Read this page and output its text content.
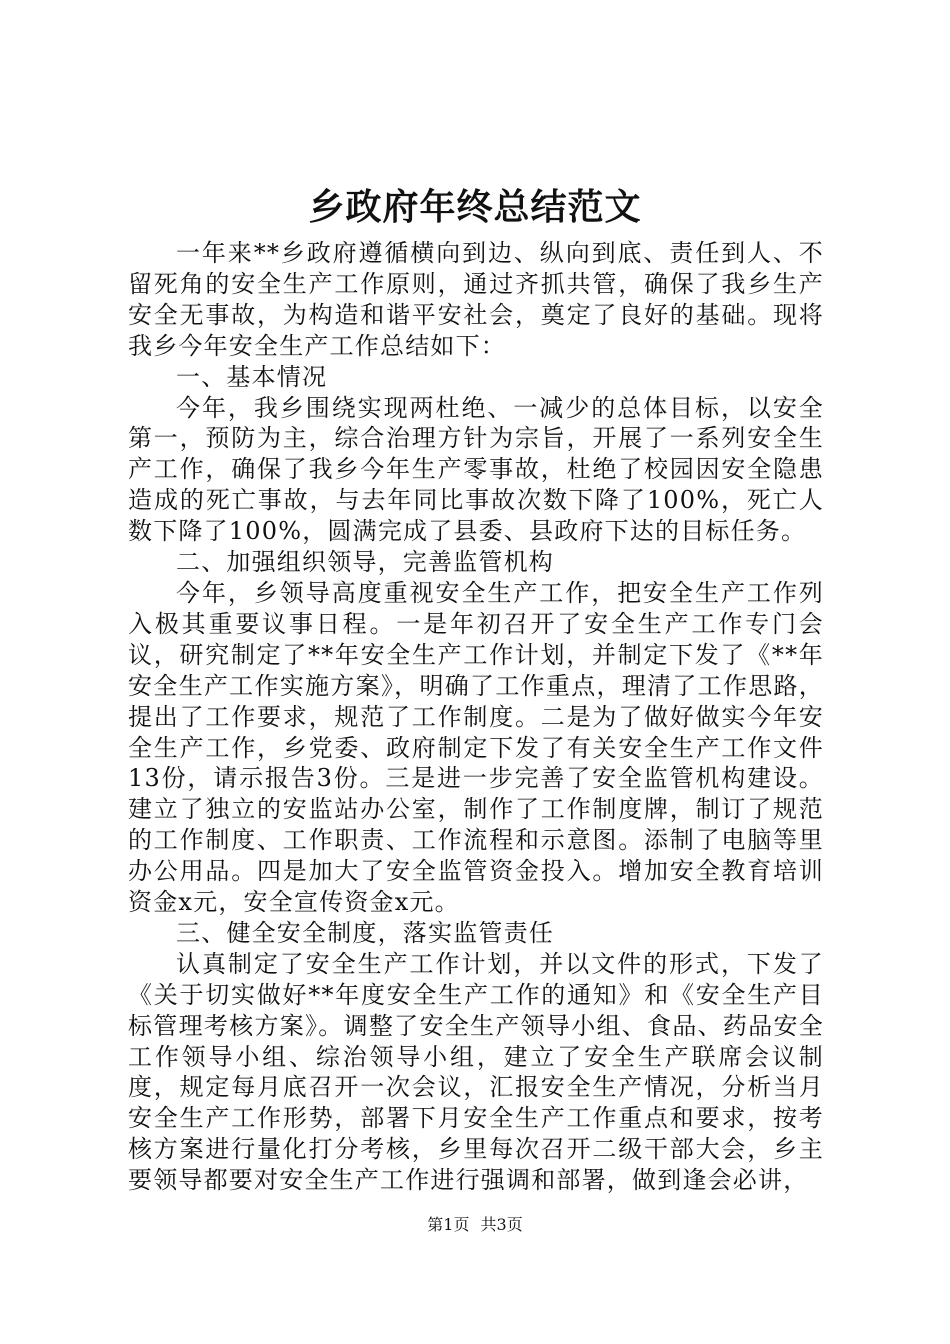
乡政府年终总结范文

一年来**乡政府遵循横向到边、纵向到底、责任到人、不留死角的安全生产工作原则，通过齐抓共管，确保了我乡生产安全无事故，为构造和谐平安社会，奠定了良好的基础。现将我乡今年安全生产工作总结如下：

一、基本情况

今年，我乡围绕实现两杜绝、一减少的总体目标，以安全第一，预防为主，综合治理方针为宗旨，开展了一系列安全生产工作，确保了我乡今年生产零事故，杜绝了校园因安全隐患造成的死亡事故，与去年同比事故次数下降了100%，死亡人数下降了100%，圆满完成了县委、县政府下达的目标任务。

二、加强组织领导，完善监管机构

今年，乡领导高度重视安全生产工作，把安全生产工作列入极其重要议事日程。一是年初召开了安全生产工作专门会议，研究制定了**年安全生产工作计划，并制定下发了《**年安全生产工作实施方案》，明确了工作重点，理清了工作思路，提出了工作要求，规范了工作制度。二是为了做好做实今年安全生产工作，乡党委、政府制定下发了有关安全生产工作文件13份，请示报告3份。三是进一步完善了安全监管机构建设。建立了独立的安监站办公室，制作了工作制度牌，制订了规范的工作制度、工作职责、工作流程和示意图。添制了电脑等里办公用品。四是加大了安全监管资金投入。增加安全教育培训资金x元，安全宣传资金x元。

三、健全安全制度，落实监管责任

认真制定了安全生产工作计划，并以文件的形式，下发了《关于切实做好**年度安全生产工作的通知》和《安全生产目标管理考核方案》。调整了安全生产领导小组、食品、药品安全工作领导小组、综治领导小组，建立了安全生产联席会议制度，规定每月底召开一次会议，汇报安全生产情况，分析当月安全生产工作形势，部署下月安全生产工作重点和要求，按考核方案进行量化打分考核，乡里每次召开二级干部大会，乡主要领导都要对安全生产工作进行强调和部署，做到逢会必讲，

第1页 共3页
